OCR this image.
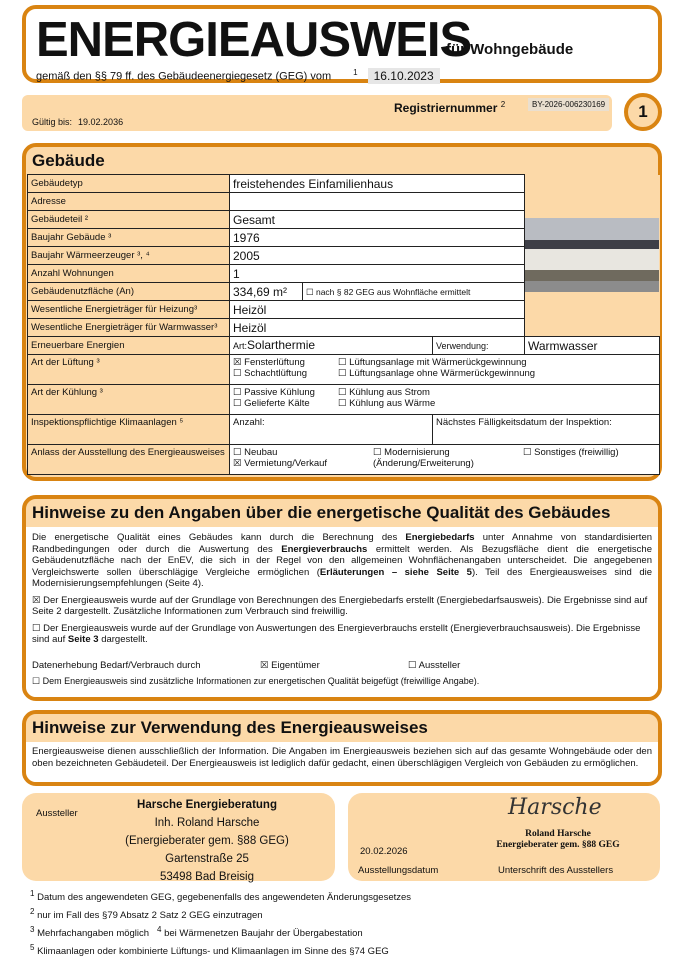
ENERGIEAUSWEIS
für Wohngebäude
gemäß den §§ 79 ff. des Gebäudeenergiegesetz (GEG) vom	$^1$ 16.10.2023
Registriernummer $^2$	BY-2026-006230169
Gültig bis: 19.02.2036
1
Gebäude
Gebäudetyp	freistehendes Einfamilienhaus			

Adresse				
Gebäudeteil ²	Gesamt			
Baujahr Gebäude ³	1976			
Baujahr Wärmeerzeuger ³, ⁴	2005			
Anzahl Wohnungen	1			
Gebäudenutzfläche (An)	334,69 m²	☐ nach § 82 GEG aus Wohnfläche ermittelt		
Wesentliche Energieträger für Heizung³	Heizöl			
Wesentliche Energieträger für Warmwasser³	Heizöl			
Erneuerbare Energien	Art:Solarthermie		Verwendung:	Warmwasser
Art der Lüftung ³	☒ Fensterlüftung ☐ Lüftungsanlage mit Wärmerückgewinnung
☐ Schachtlüftung ☐ Lüftungsanlage ohne Wärmerückgewinnung			

Art der Kühlung ³	☐ Passive Kühlung ☐ Kühlung aus Strom
☐ Gelieferte Kälte ☐ Kühlung aus Wärme			

Inspektionspflichtige Klimaanlagen ⁵	Anzahl:		Nächstes Fälligkeitsdatum der Inspektion:	
Anlass der Ausstellung des Energieausweises	☐ Neubau
☒ Vermietung/Verkauf
☐ Modernisierung (Änderung/Erweiterung)
☐ Sonstiges (freiwillig)			
Hinweise zu den Angaben über die energetische Qualität des Gebäudes
Die energetische Qualität eines Gebäudes kann durch die Berechnung des Energiebedarfs unter Annahme von standardisierten Randbedingungen oder durch die Auswertung des Energieverbrauchs ermittelt werden. Als Bezugsfläche dient die energetische Gebäudenutzfläche nach der EnEV, die sich in der Regel von den allgemeinen Wohnflächenangaben unterscheidet. Die angegebenen Vergleichswerte sollen überschlägige Vergleiche ermöglichen (Erläuterungen – siehe Seite 5). Teil des Energieausweises sind die Modernisierungsempfehlungen (Seite 4).
☒ Der Energieausweis wurde auf der Grundlage von Berechnungen des Energiebedarfs erstellt (Energiebedarfsausweis). Die Ergebnisse sind auf Seite 2 dargestellt. Zusätzliche Informationen zum Verbrauch sind freiwillig.
☐ Der Energieausweis wurde auf der Grundlage von Auswertungen des Energieverbrauchs erstellt (Energieverbrauchsausweis). Die Ergebnisse sind auf Seite 3 dargestellt.
Datenerhebung Bedarf/Verbrauch durch	☒ Eigentümer	☐ Aussteller
☐ Dem Energieausweis sind zusätzliche Informationen zur energetischen Qualität beigefügt (freiwillige Angabe).
Hinweise zur Verwendung des Energieausweises
Energieausweise dienen ausschließlich der Information. Die Angaben im Energieausweis beziehen sich auf das gesamte Wohngebäude oder den oben bezeichneten Gebäudeteil. Der Energieausweis ist lediglich dafür gedacht, einen überschlägigen Vergleich von Gebäuden zu ermöglichen.
Aussteller
Harsche Energieberatung
Inh. Roland Harsche
(Energieberater gem. §88 GEG)
Gartenstraße 25
53498 Bad Breisig
Harsche
Roland Harsche
Energieberater gem. §88 GEG
20.02.2026
Ausstellungsdatum	Unterschrift des Ausstellers
$^1$ Datum des angewendeten GEG, gegebenenfalls des angewendeten Änderungsgesetzes
$^2$ nur im Fall des §79 Absatz 2 Satz 2 GEG einzutragen
$^3$ Mehrfachangaben möglich $^4$ bei Wärmenetzen Baujahr der Übergabestation
$^5$ Klimaanlagen oder kombinierte Lüftungs- und Klimaanlagen im Sinne des §74 GEG
